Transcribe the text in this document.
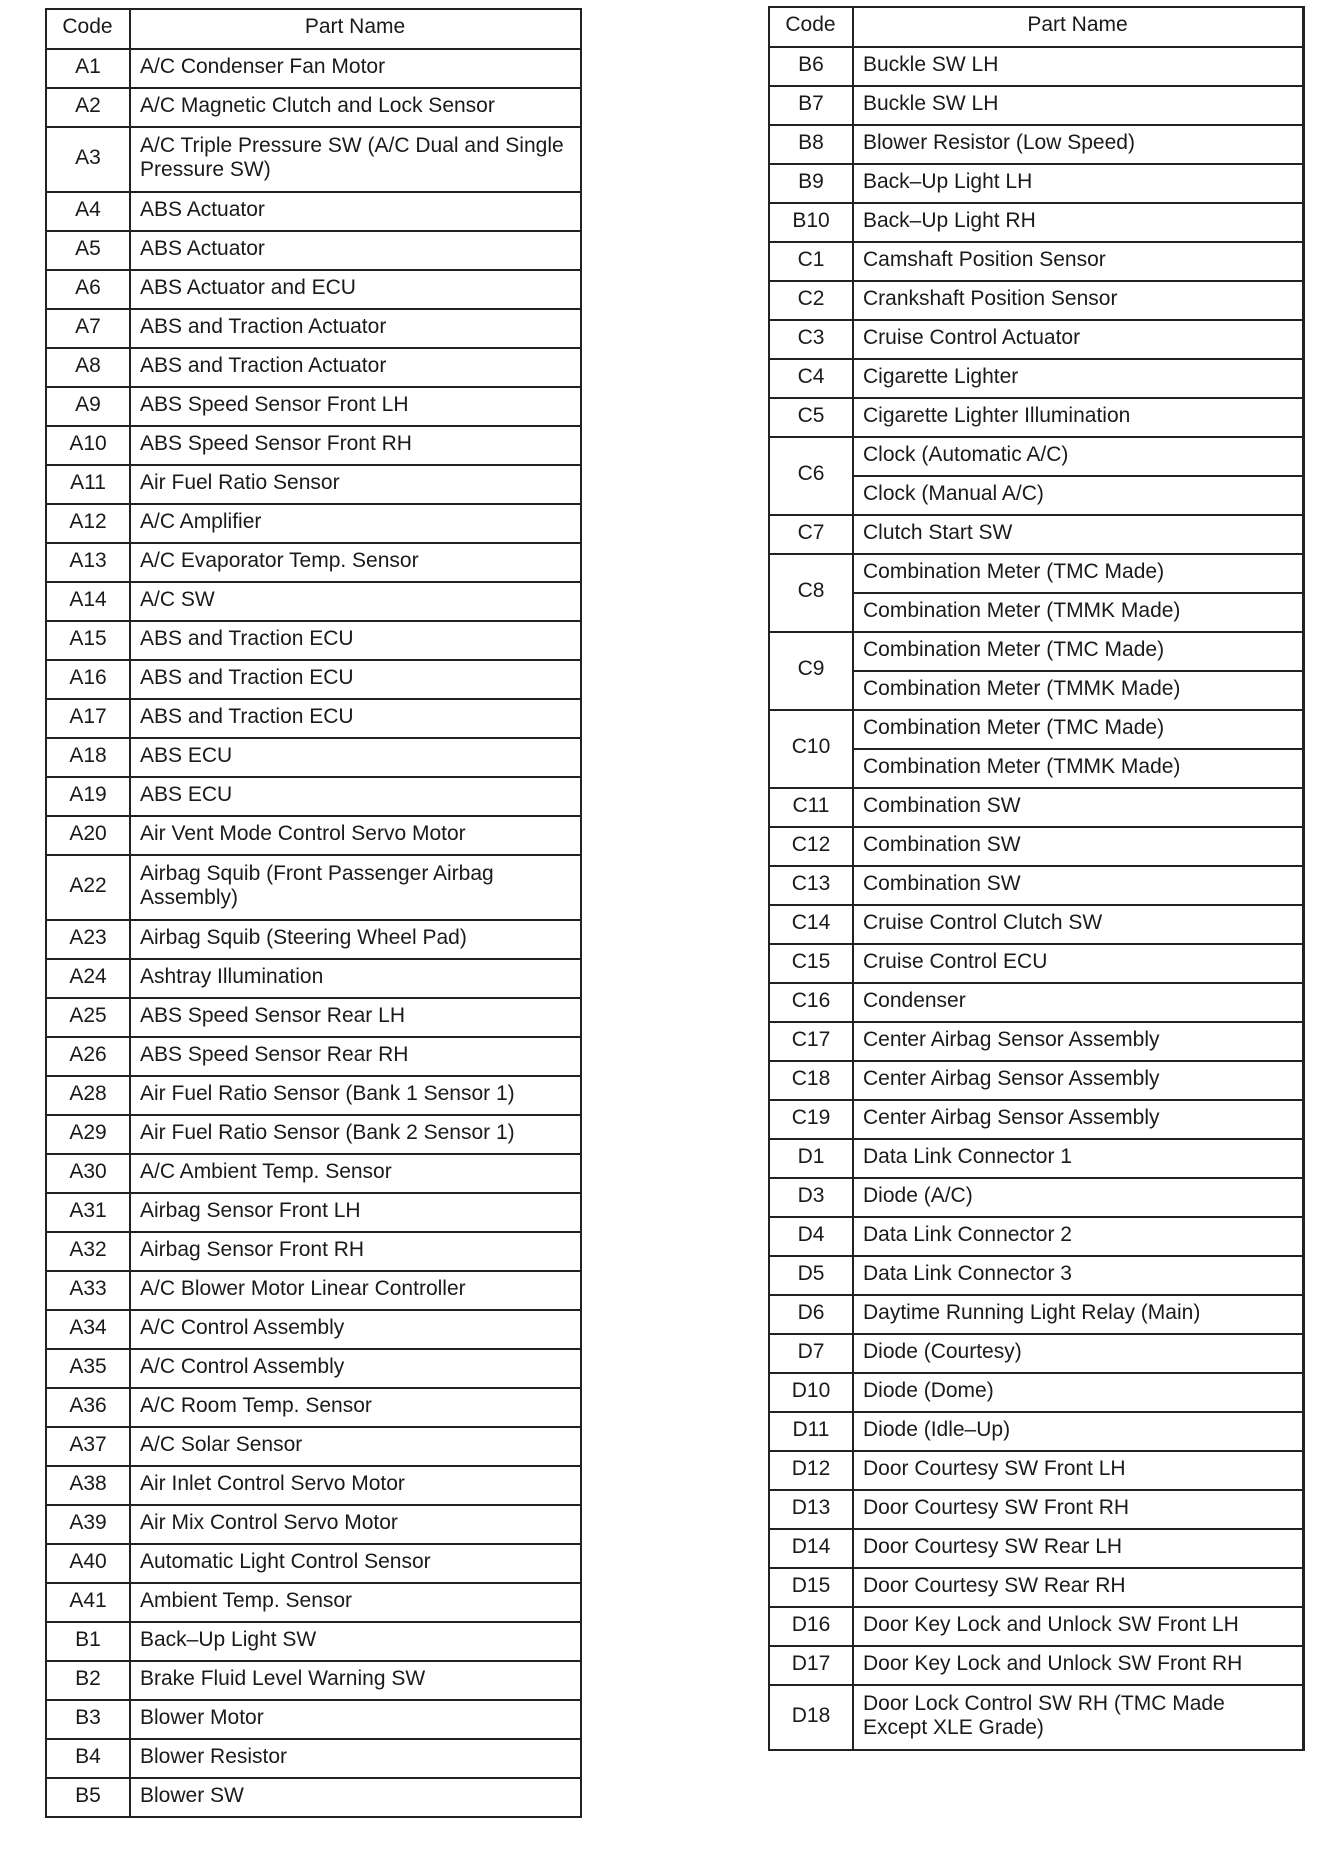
Code	Part Name
A1	A/C Condenser Fan Motor
A2	A/C Magnetic Clutch and Lock Sensor
A3	A/C Triple Pressure SW (A/C Dual and Single Pressure SW)
A4	ABS Actuator
A5	ABS Actuator
A6	ABS Actuator and ECU
A7	ABS and Traction Actuator
A8	ABS and Traction Actuator
A9	ABS Speed Sensor Front LH
A10	ABS Speed Sensor Front RH
A11	Air Fuel Ratio Sensor
A12	A/C Amplifier
A13	A/C Evaporator Temp. Sensor
A14	A/C SW
A15	ABS and Traction ECU
A16	ABS and Traction ECU
A17	ABS and Traction ECU
A18	ABS ECU
A19	ABS ECU
A20	Air Vent Mode Control Servo Motor
A22	Airbag Squib (Front Passenger Airbag Assembly)
A23	Airbag Squib (Steering Wheel Pad)
A24	Ashtray Illumination
A25	ABS Speed Sensor Rear LH
A26	ABS Speed Sensor Rear RH
A28	Air Fuel Ratio Sensor (Bank 1 Sensor 1)
A29	Air Fuel Ratio Sensor (Bank 2 Sensor 1)
A30	A/C Ambient Temp. Sensor
A31	Airbag Sensor Front LH
A32	Airbag Sensor Front RH
A33	A/C Blower Motor Linear Controller
A34	A/C Control Assembly
A35	A/C Control Assembly
A36	A/C Room Temp. Sensor
A37	A/C Solar Sensor
A38	Air Inlet Control Servo Motor
A39	Air Mix Control Servo Motor
A40	Automatic Light Control Sensor
A41	Ambient Temp. Sensor
B1	Back–Up Light SW
B2	Brake Fluid Level Warning SW
B3	Blower Motor
B4	Blower Resistor
B5	Blower SW
Code	Part Name
B6	Buckle SW LH
B7	Buckle SW LH
B8	Blower Resistor (Low Speed)
B9	Back–Up Light LH
B10	Back–Up Light RH
C1	Camshaft Position Sensor
C2	Crankshaft Position Sensor
C3	Cruise Control Actuator
C4	Cigarette Lighter
C5	Cigarette Lighter Illumination
C6	Clock (Automatic A/C)
	Clock (Manual A/C)
C7	Clutch Start SW
C8	Combination Meter (TMC Made)
	Combination Meter (TMMK Made)
C9	Combination Meter (TMC Made)
	Combination Meter (TMMK Made)
C10	Combination Meter (TMC Made)
	Combination Meter (TMMK Made)
C11	Combination SW
C12	Combination SW
C13	Combination SW
C14	Cruise Control Clutch SW
C15	Cruise Control ECU
C16	Condenser
C17	Center Airbag Sensor Assembly
C18	Center Airbag Sensor Assembly
C19	Center Airbag Sensor Assembly
D1	Data Link Connector 1
D3	Diode (A/C)
D4	Data Link Connector 2
D5	Data Link Connector 3
D6	Daytime Running Light Relay (Main)
D7	Diode (Courtesy)
D10	Diode (Dome)
D11	Diode (Idle–Up)
D12	Door Courtesy SW Front LH
D13	Door Courtesy SW Front RH
D14	Door Courtesy SW Rear LH
D15	Door Courtesy SW Rear RH
D16	Door Key Lock and Unlock SW Front LH
D17	Door Key Lock and Unlock SW Front RH
D18	Door Lock Control SW RH (TMC Made Except XLE Grade)
